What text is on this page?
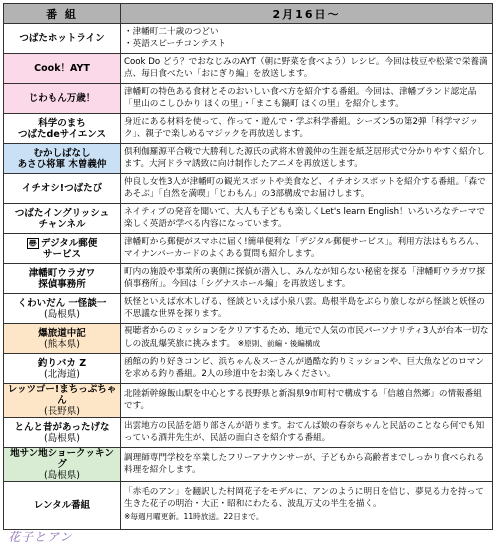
番 組	2月16日～

つばたホットライン	・津幡町二十歳のつどい
・英語スピーチコンテスト

Cook！AYT	Cook Do どう？でおなじみのAYT（朝に野菜を食べよう）レシピ。今回は枝豆や松菜で栄養満点、毎日食べたい「おにぎり編」を放送します。

じわもん万歳！	津幡町の特色ある食材とそのおいしい食べ方を紹介する番組。今回は、津幡ブランド認定品「里山のこしひかり ほくの里」・「まこも鍋町 ほくの里」を紹介します。

科学のまち
つばたdeサイエンス	身近にある材料を使って、作って・遊んで・学ぶ科学番組。シーズン5の第2弾「科学マジック」、親子で楽しめるマジックを再放送します。

むかしばなし
あさひ将軍 木曽義仲	倶利伽羅源平合戦で大勝利した源氏の武将木曽義仲の生涯を紙芝居形式で分かりやすく紹介します。大河ドラマ誘致に向け制作したアニメを再放送します。

イチオシ!つばたび	仲良し女性3人が津幡町の観光スポットや美食など、イチオシスポットを紹介する番組。「森であそぶ」「自然を満喫」「じわもん」の3部構成でお届けします。

つばたイングリッシュ
チャンネル	ネイティブの発音を聞いて、大人も子どもも楽しくLet's learn English！いろいろなテーマで楽しく英語が学べる内容になっています。

〠 デジタル郵便
サービス	津幡町から郵便がスマホに届く!簡単便利な「デジタル郵便サービス」。利用方法はもちろん、マイナンバーカードのよくある質問も紹介します。

津幡町ウラガワ
探偵事務所	町内の施設や事業所の裏側に探偵が潜入し、みんなが知らない秘密を探る「津幡町ウラガワ探偵事務所」。今回は「シグナスホール編」を再放送します。

くわいだん 一怪談一
(島根県)	妖怪といえば水木しげる、怪談といえば小泉八雲。島根半島をぶらり旅しながら怪談と妖怪の不思議な世界を探ります。

爆旅道中記
(熊本県)	視聴者からのミッションをクリアするため、地元で人気の市民パーソナリティ3人が台本一切なしの波乱爆笑旅に挑みます。 ※原則、前編・後編構成

釣りバカ Z
(北海道)	函館の釣り好きコンビ、浜ちゃん＆スーさんが過酷な釣りミッションや、巨大魚などのロマンを求める釣り番組。2人の珍道中をお楽しみください。

レッツゴー!まちっぷちゃん
(長野県)	北陸新幹線飯山駅を中心とする長野県と新潟県9市町村で構成する「信越自然郷」の情報番組です。

とんと昔があったげな
(島根県)	出雲地方の民話を語り部さんが語ります。おてんば娘の春奈ちゃんと民話のことなら何でも知っている酒井先生が、民話の面白さを紹介する番組。

地サン地ショークッキング
(島根県)	調理師専門学校を卒業したフリーアナウンサーが、子どもから高齢者までしっかり食べられる料理を紹介します。

レンタル番組	「赤毛のアン」を翻訳した村岡花子をモデルに、アンのように明日を信じ、夢見る力を持って生きた花子の明治・大正・昭和にわたる、波乱万丈の半生を描く。
※毎週月曜更新。11時放送。22日まで。
花子とアン
